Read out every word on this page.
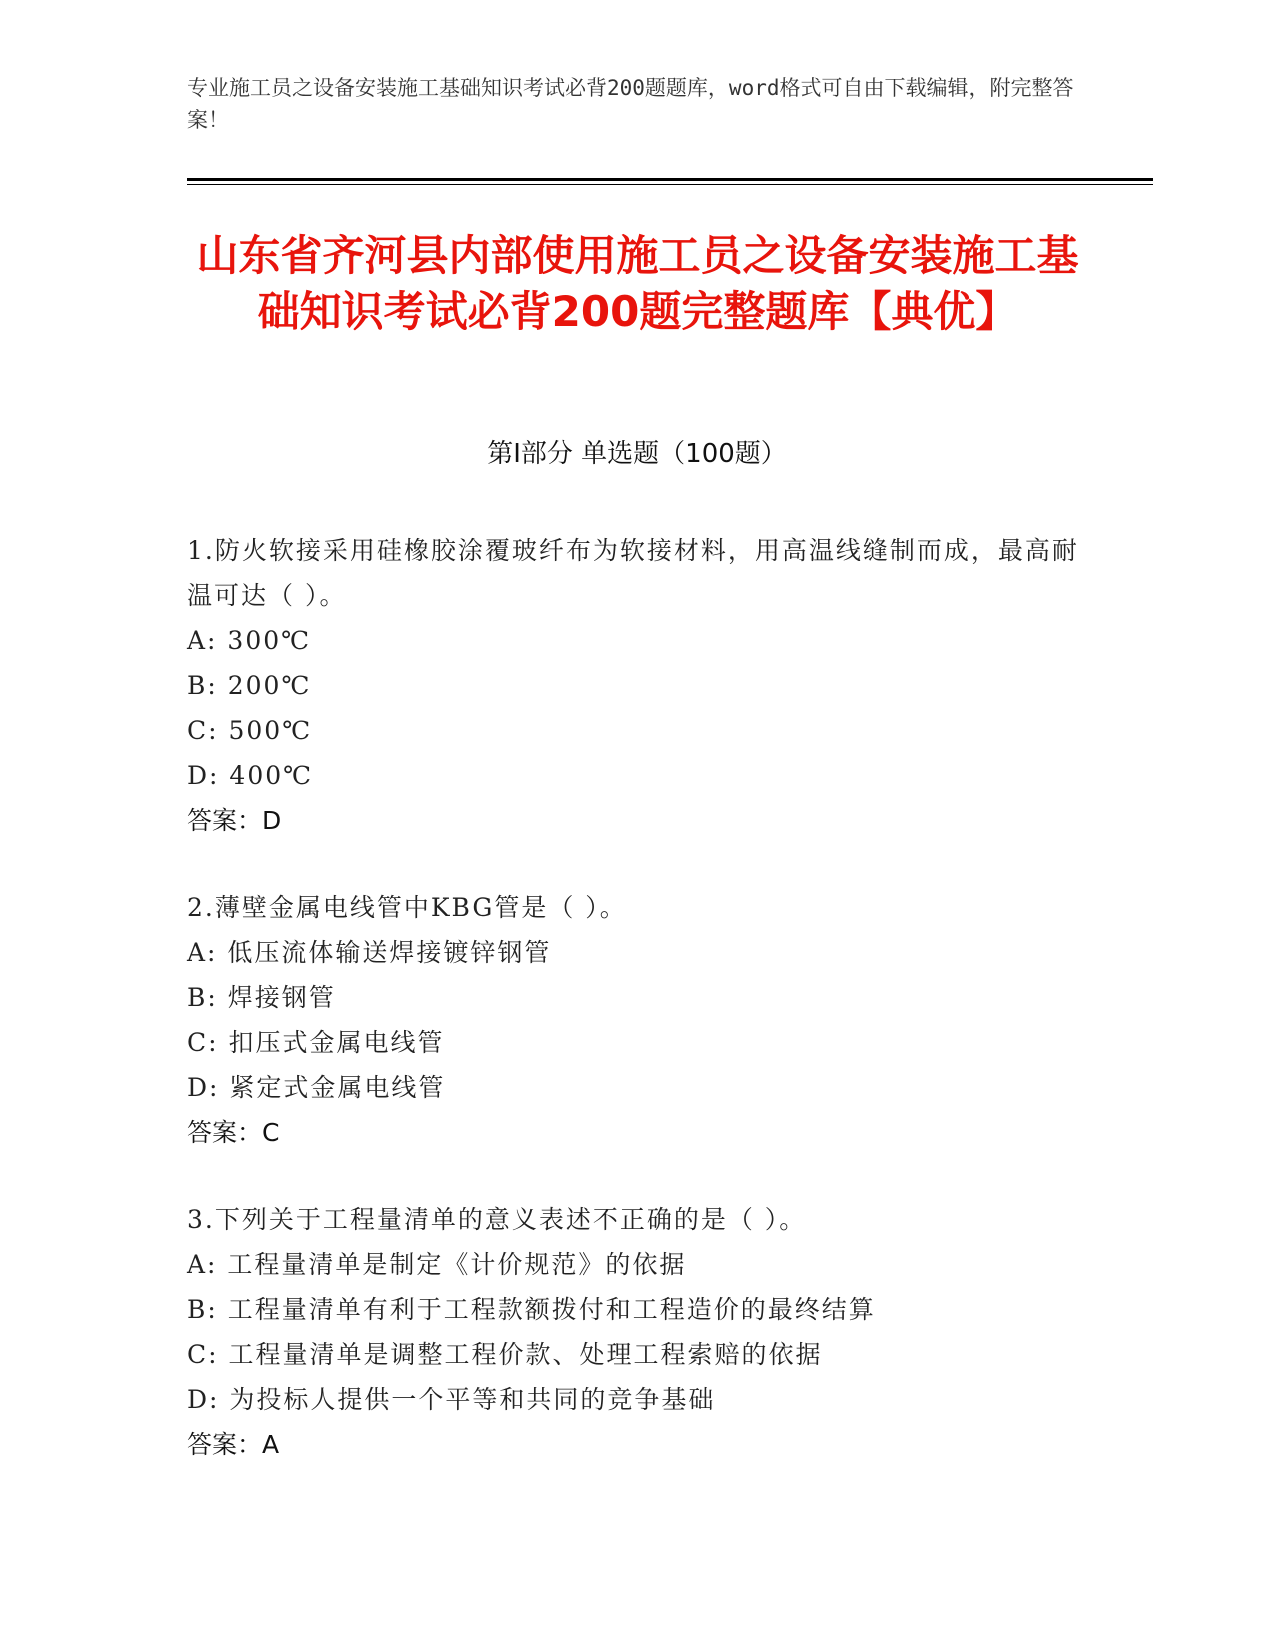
专业施工员之设备安装施工基础知识考试必背200题题库，word格式可自由下载编辑，附完整答案！
山东省齐河县内部使用施工员之设备安装施工基础知识考试必背200题完整题库【典优】
第I部分 单选题（100题）
1.防火软接采用硅橡胶涂覆玻纤布为软接材料，用高温线缝制而成，最高耐温可达（ ）。
A: 300℃
B: 200℃
C: 500℃
D: 400℃
答案：D
2.薄壁金属电线管中KBG管是（ ）。
A: 低压流体输送焊接镀锌钢管
B: 焊接钢管
C: 扣压式金属电线管
D: 紧定式金属电线管
答案：C
3.下列关于工程量清单的意义表述不正确的是（ ）。
A: 工程量清单是制定《计价规范》的依据
B: 工程量清单有利于工程款额拨付和工程造价的最终结算
C: 工程量清单是调整工程价款、处理工程索赔的依据
D: 为投标人提供一个平等和共同的竞争基础
答案：A
